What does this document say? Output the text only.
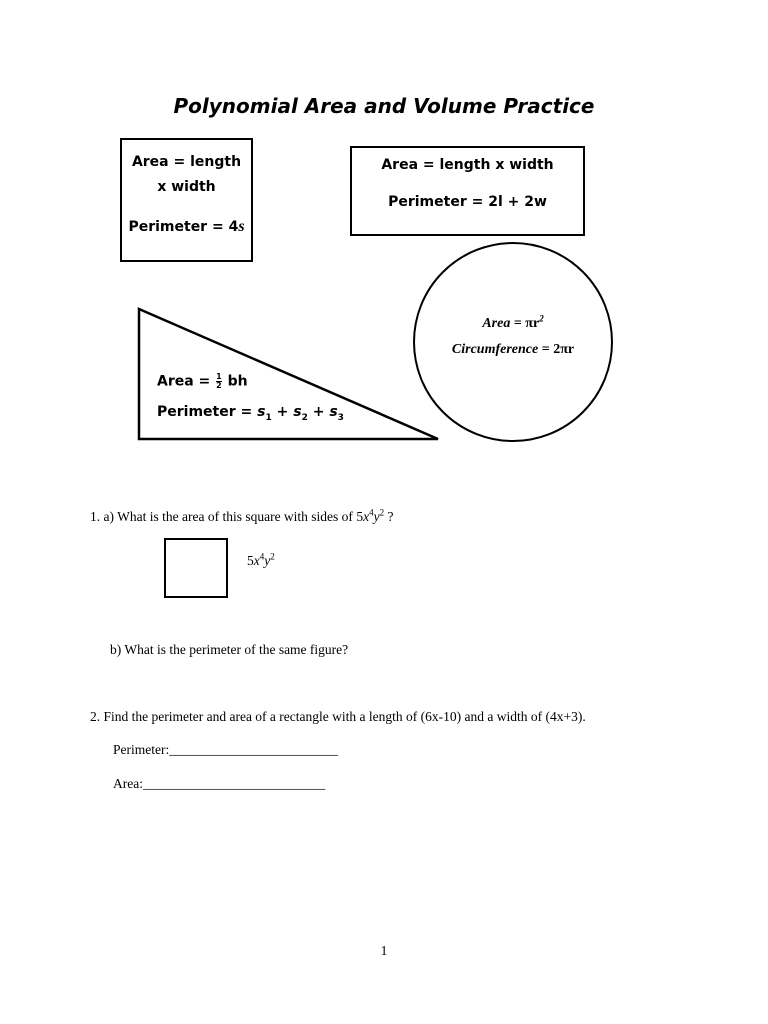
Polynomial Area and Volume Practice
Area = length
x width
Perimeter = 4s
Area = length x width
Perimeter = 2l + 2w
Area = $\pi r^2$
Circumference = 2πr
Area = $\frac{1}{2}$ bh
Perimeter = $s_1 + s_2 + s_3$
1. a) What is the area of this square with sides of $5x^4y^2$ ?
$5x^4y^2$
b) What is the perimeter of the same figure?
2. Find the perimeter and area of a rectangle with a length of (6x-10) and a width of (4x+3).
Perimeter:_________________________
Area:___________________________
1
